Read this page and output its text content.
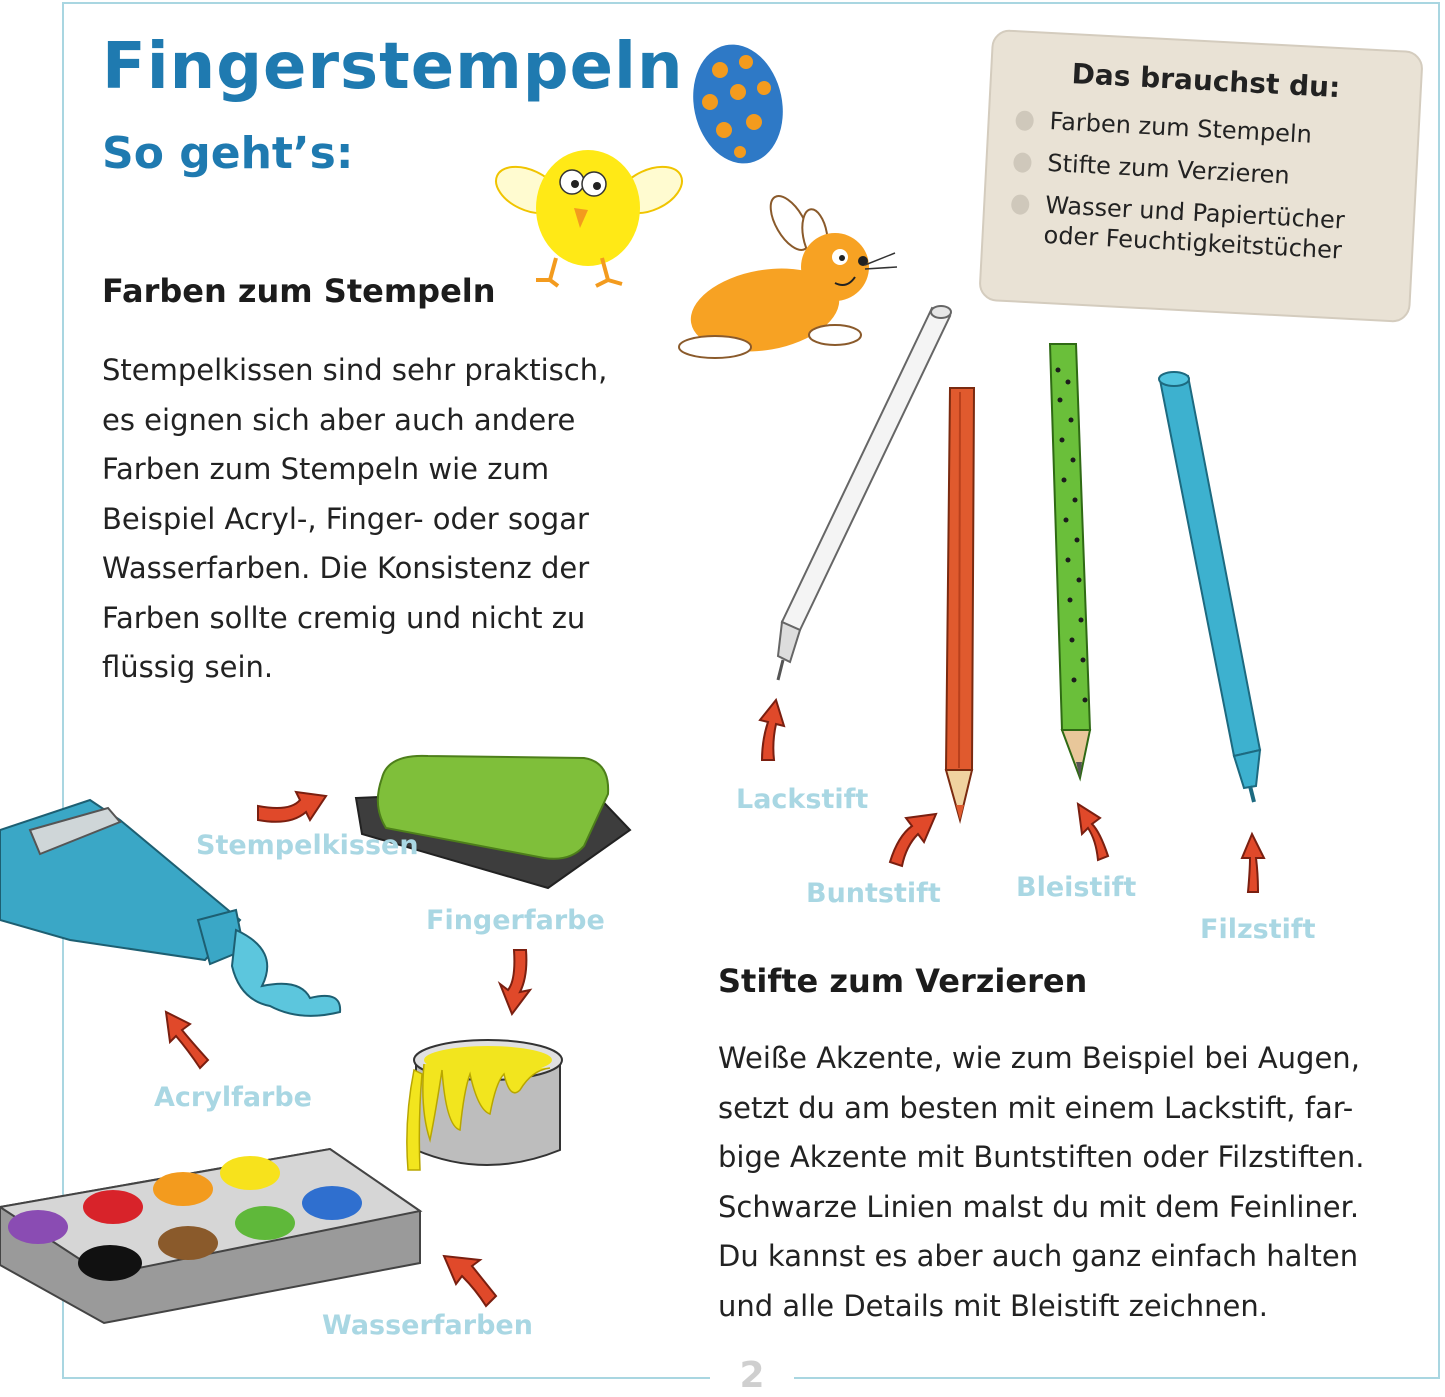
Fingerstempeln
So geht’s:
Farben zum Stempeln
Stempelkissen sind sehr praktisch,
es eignen sich aber auch andere
Farben zum Stempeln wie zum
Beispiel Acryl-, Finger- oder sogar
Wasserfarben. Die Konsistenz der
Farben sollte cremig und nicht zu
flüssig sein.
Stifte zum Verzieren
Weiße Akzente, wie zum Beispiel bei Augen,
setzt du am besten mit einem Lackstift, far-
bige Akzente mit Buntstiften oder Filzstiften.
Schwarze Linien malst du mit dem Feinliner.
Du kannst es aber auch ganz einfach halten
und alle Details mit Bleistift zeichnen.
Das brauchst du:
Farben zum Stempeln
Stifte zum Verzieren
Wasser und Papiertücher
oder Feuchtigkeitstücher
Stempelkissen
Fingerfarbe
Acrylfarbe
Wasserfarben
Lackstift
Buntstift	Bleistift
Filzstift
2
